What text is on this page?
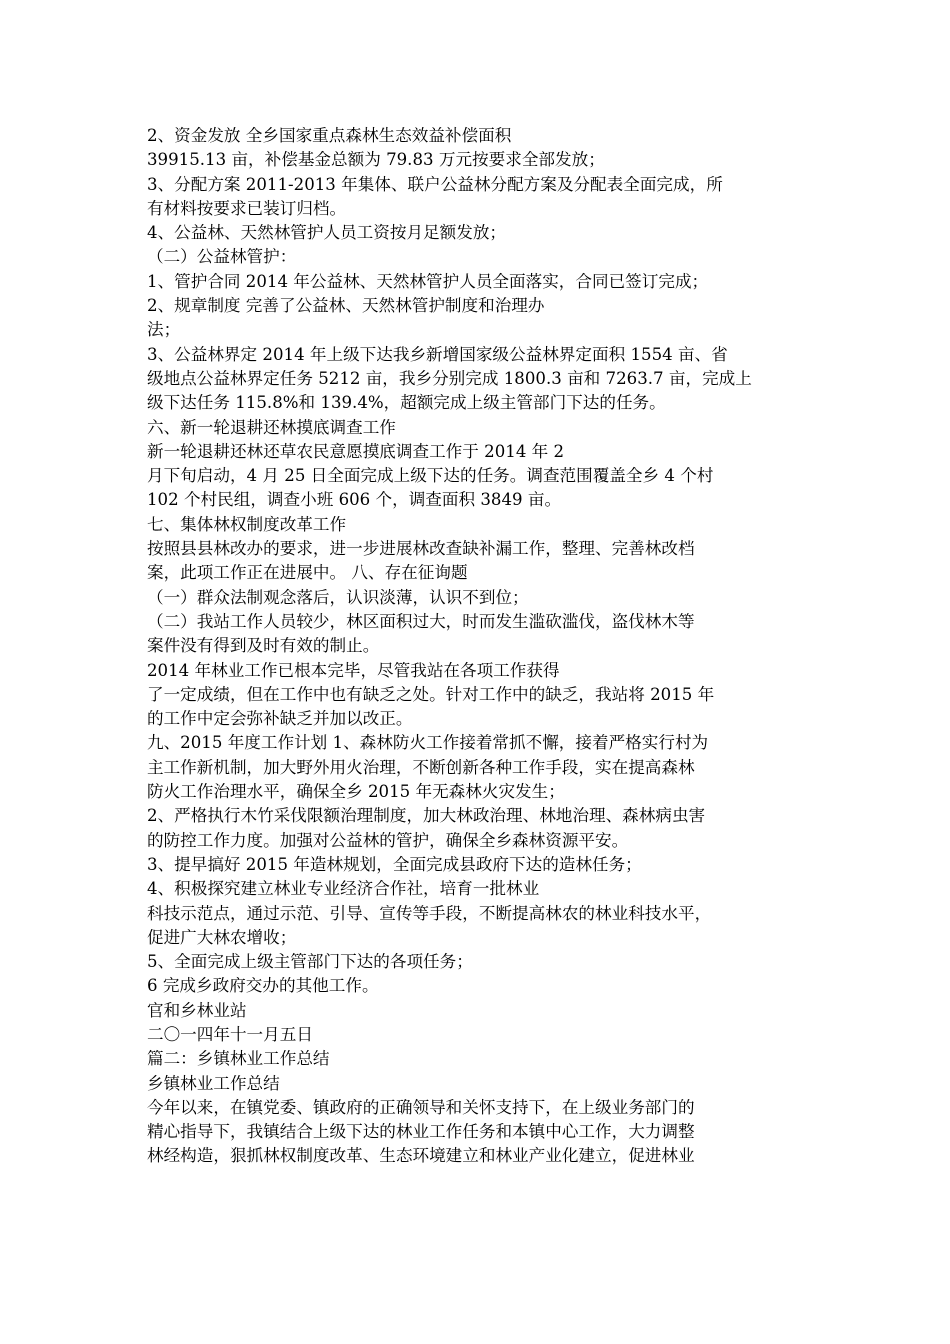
2、资金发放 全乡国家重点森林生态效益补偿面积
39915.13 亩，补偿基金总额为 79.83 万元按要求全部发放；
3、分配方案 2011-2013 年集体、联户公益林分配方案及分配表全面完成，所
有材料按要求已装订归档。
4、公益林、天然林管护人员工资按月足额发放；
（二）公益林管护：
1、管护合同 2014 年公益林、天然林管护人员全面落实，合同已签订完成；
2、规章制度 完善了公益林、天然林管护制度和治理办
法；
3、公益林界定 2014 年上级下达我乡新增国家级公益林界定面积 1554 亩、省
级地点公益林界定任务 5212 亩，我乡分别完成 1800.3 亩和 7263.7 亩，完成上
级下达任务 115.8%和 139.4%，超额完成上级主管部门下达的任务。
六、新一轮退耕还林摸底调查工作
新一轮退耕还林还草农民意愿摸底调查工作于 2014 年 2
月下旬启动，4 月 25 日全面完成上级下达的任务。调查范围覆盖全乡 4 个村
102 个村民组，调查小班 606 个，调查面积 3849 亩。
七、集体林权制度改革工作
按照县县林改办的要求，进一步进展林改查缺补漏工作，整理、完善林改档
案，此项工作正在进展中。 八、存在征询题
（一）群众法制观念落后，认识淡薄，认识不到位；
（二）我站工作人员较少，林区面积过大，时而发生滥砍滥伐，盗伐林木等
案件没有得到及时有效的制止。
2014 年林业工作已根本完毕，尽管我站在各项工作获得
了一定成绩，但在工作中也有缺乏之处。针对工作中的缺乏，我站将 2015 年
的工作中定会弥补缺乏并加以改正。
九、2015 年度工作计划 1、森林防火工作接着常抓不懈，接着严格实行村为
主工作新机制，加大野外用火治理，不断创新各种工作手段，实在提高森林
防火工作治理水平，确保全乡 2015 年无森林火灾发生；
2、严格执行木竹采伐限额治理制度，加大林政治理、林地治理、森林病虫害
的防控工作力度。加强对公益林的管护，确保全乡森林资源平安。
3、提早搞好 2015 年造林规划，全面完成县政府下达的造林任务；
4、积极探究建立林业专业经济合作社，培育一批林业
科技示范点，通过示范、引导、宣传等手段，不断提高林农的林业科技水平，
促进广大林农增收；
5、全面完成上级主管部门下达的各项任务；
6 完成乡政府交办的其他工作。
官和乡林业站
二〇一四年十一月五日
篇二：乡镇林业工作总结
乡镇林业工作总结
今年以来，在镇党委、镇政府的正确领导和关怀支持下，在上级业务部门的
精心指导下，我镇结合上级下达的林业工作任务和本镇中心工作，大力调整
林经构造，狠抓林权制度改革、生态环境建立和林业产业化建立，促进林业
